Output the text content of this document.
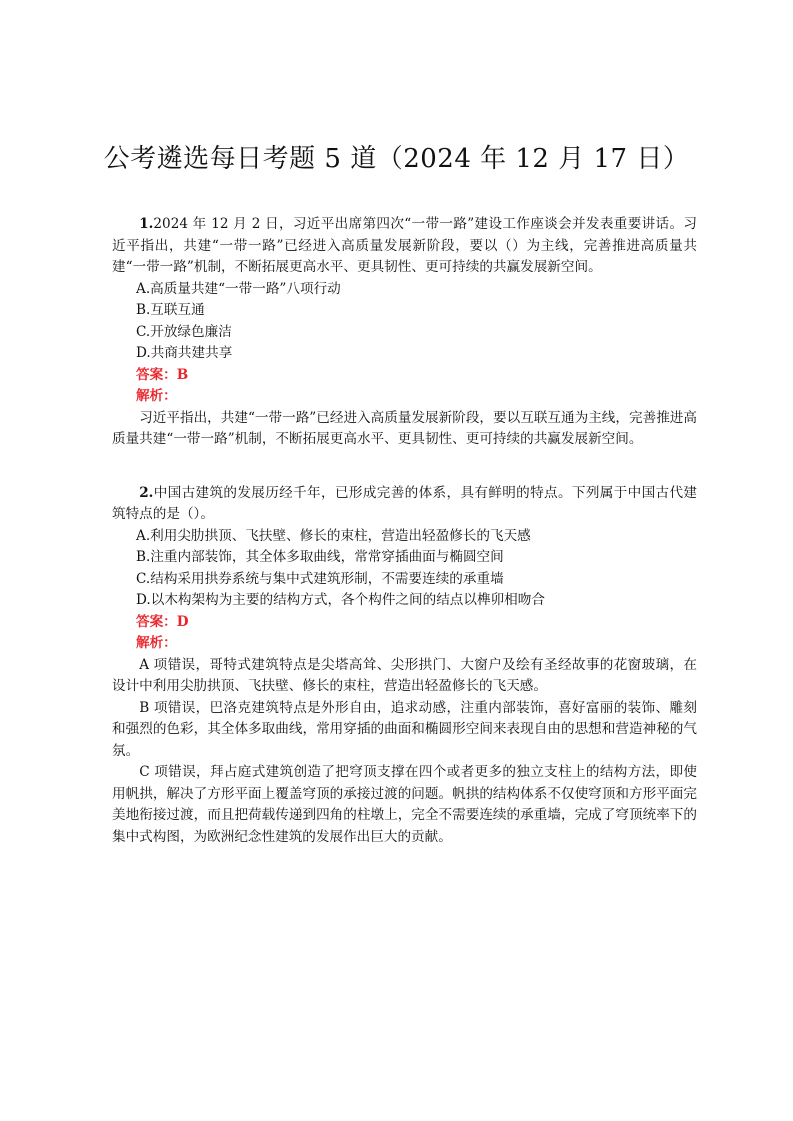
公考遴选每日考题 5 道（2024 年 12 月 17 日）

1.2024 年 12 月 2 日，习近平出席第四次“一带一路”建设工作座谈会并发表重要讲话。习近平指出，共建“一带一路”已经进入高质量发展新阶段，要以（）为主线，完善推进高质量共建“一带一路”机制，不断拓展更高水平、更具韧性、更可持续的共赢发展新空间。

A.高质量共建“一带一路”八项行动

B.互联互通

C.开放绿色廉洁

D.共商共建共享

答案：B

解析：

习近平指出，共建“一带一路”已经进入高质量发展新阶段，要以互联互通为主线，完善推进高质量共建“一带一路”机制，不断拓展更高水平、更具韧性、更可持续的共赢发展新空间。

2.中国古建筑的发展历经千年，已形成完善的体系，具有鲜明的特点。下列属于中国古代建筑特点的是（）。

A.利用尖肋拱顶、飞扶壁、修长的束柱，营造出轻盈修长的飞天感

B.注重内部装饰，其全体多取曲线，常常穿插曲面与椭圆空间

C.结构采用拱券系统与集中式建筑形制，不需要连续的承重墙

D.以木构架构为主要的结构方式，各个构件之间的结点以榫卯相吻合

答案：D

解析：

A 项错误，哥特式建筑特点是尖塔高耸、尖形拱门、大窗户及绘有圣经故事的花窗玻璃，在设计中利用尖肋拱顶、飞扶壁、修长的束柱，营造出轻盈修长的飞天感。

B 项错误，巴洛克建筑特点是外形自由，追求动感，注重内部装饰，喜好富丽的装饰、雕刻和强烈的色彩，其全体多取曲线，常用穿插的曲面和椭圆形空间来表现自由的思想和营造神秘的气氛。

C 项错误，拜占庭式建筑创造了把穹顶支撑在四个或者更多的独立支柱上的结构方法，即使用帆拱，解决了方形平面上覆盖穹顶的承接过渡的问题。帆拱的结构体系不仅使穹顶和方形平面完美地衔接过渡，而且把荷载传递到四角的柱墩上，完全不需要连续的承重墙，完成了穹顶统率下的集中式构图，为欧洲纪念性建筑的发展作出巨大的贡献。
